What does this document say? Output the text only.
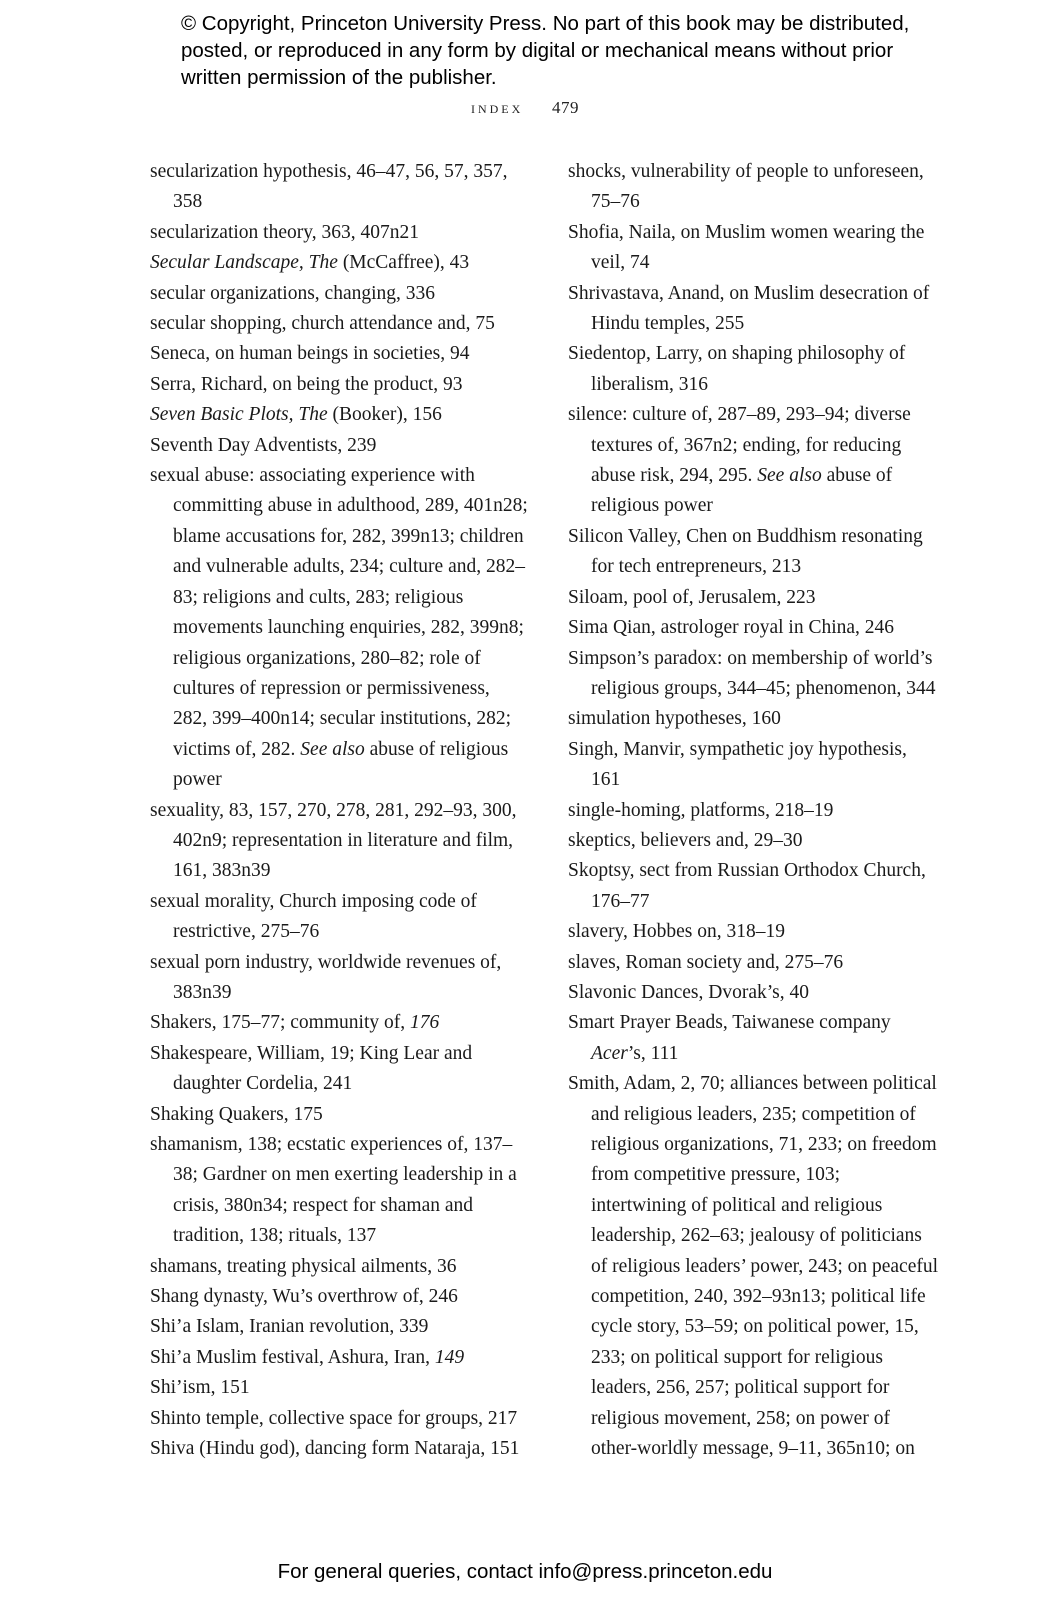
© Copyright, Princeton University Press. No part of this book may be distributed, posted, or reproduced in any form by digital or mechanical means without prior written permission of the publisher.
index 479
secularization hypothesis, 46–47, 56, 57, 357, 358
secularization theory, 363, 407n21
Secular Landscape, The (McCaffree), 43
secular organizations, changing, 336
secular shopping, church attendance and, 75
Seneca, on human beings in societies, 94
Serra, Richard, on being the product, 93
Seven Basic Plots, The (Booker), 156
Seventh Day Adventists, 239
sexual abuse: associating experience with committing abuse in adulthood, 289, 401n28; blame accusations for, 282, 399n13; children and vulnerable adults, 234; culture and, 282–83; religions and cults, 283; religious movements launching enquiries, 282, 399n8; religious organizations, 280–82; role of cultures of repression or permissiveness, 282, 399–400n14; secular institutions, 282; victims of, 282. See also abuse of religious power
sexuality, 83, 157, 270, 278, 281, 292–93, 300, 402n9; representation in literature and film, 161, 383n39
sexual morality, Church imposing code of restrictive, 275–76
sexual porn industry, worldwide revenues of, 383n39
Shakers, 175–77; community of, 176
Shakespeare, William, 19; King Lear and daughter Cordelia, 241
Shaking Quakers, 175
shamanism, 138; ecstatic experiences of, 137–38; Gardner on men exerting leadership in a crisis, 380n34; respect for shaman and tradition, 138; rituals, 137
shamans, treating physical ailments, 36
Shang dynasty, Wu’s overthrow of, 246
Shi’a Islam, Iranian revolution, 339
Shi’a Muslim festival, Ashura, Iran, 149
Shi’ism, 151
Shinto temple, collective space for groups, 217
Shiva (Hindu god), dancing form Nataraja, 151
shocks, vulnerability of people to unforeseen, 75–76
Shofia, Naila, on Muslim women wearing the veil, 74
Shrivastava, Anand, on Muslim desecration of Hindu temples, 255
Siedentop, Larry, on shaping philosophy of liberalism, 316
silence: culture of, 287–89, 293–94; diverse textures of, 367n2; ending, for reducing abuse risk, 294, 295. See also abuse of religious power
Silicon Valley, Chen on Buddhism resonating for tech entrepreneurs, 213
Siloam, pool of, Jerusalem, 223
Sima Qian, astrologer royal in China, 246
Simpson’s paradox: on membership of world’s religious groups, 344–45; phenomenon, 344
simulation hypotheses, 160
Singh, Manvir, sympathetic joy hypothesis, 161
single-homing, platforms, 218–19
skeptics, believers and, 29–30
Skoptsy, sect from Russian Orthodox Church, 176–77
slavery, Hobbes on, 318–19
slaves, Roman society and, 275–76
Slavonic Dances, Dvorak’s, 40
Smart Prayer Beads, Taiwanese company Acer’s, 111
Smith, Adam, 2, 70; alliances between political and religious leaders, 235; competition of religious organizations, 71, 233; on freedom from competitive pressure, 103; intertwining of political and religious leadership, 262–63; jealousy of politicians of religious leaders’ power, 243; on peaceful competition, 240, 392–93n13; political life cycle story, 53–59; on political power, 15, 233; on political support for religious leaders, 256, 257; political support for religious movement, 258; on power of other-worldly message, 9–11, 365n10; on
For general queries, contact info@press.princeton.edu
